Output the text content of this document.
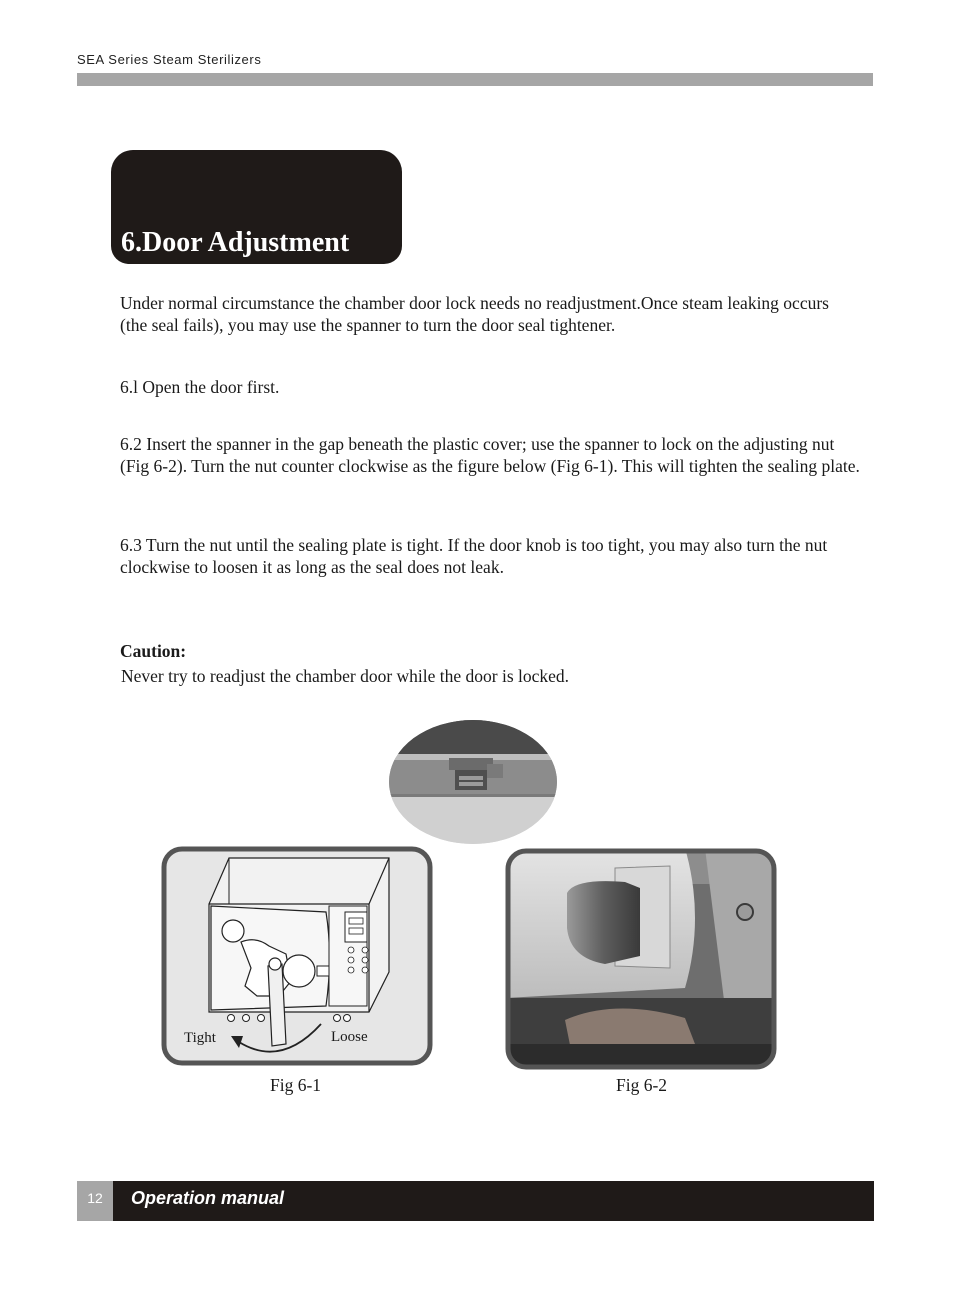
SEA Series Steam Sterilizers
6.Door Adjustment
Under normal circumstance the chamber door lock needs no readjustment.Once steam leaking occurs (the seal fails), you may use the spanner to turn the door seal tightener.
6.l Open the door first.
6.2 Insert the spanner in the gap beneath the plastic cover; use the spanner to lock on the adjusting nut (Fig 6-2). Turn the nut counter clockwise as the figure below (Fig 6-1). This will tighten the sealing plate.
6.3 Turn the nut until the sealing plate is tight. If the door knob is too tight, you may also turn the nut clockwise to loosen it as long as the seal does not leak.
Caution:
Never try to readjust the chamber door while the door is locked.
Tight	Loose
Fig 6-1	Fig 6-2
12	Operation manual
